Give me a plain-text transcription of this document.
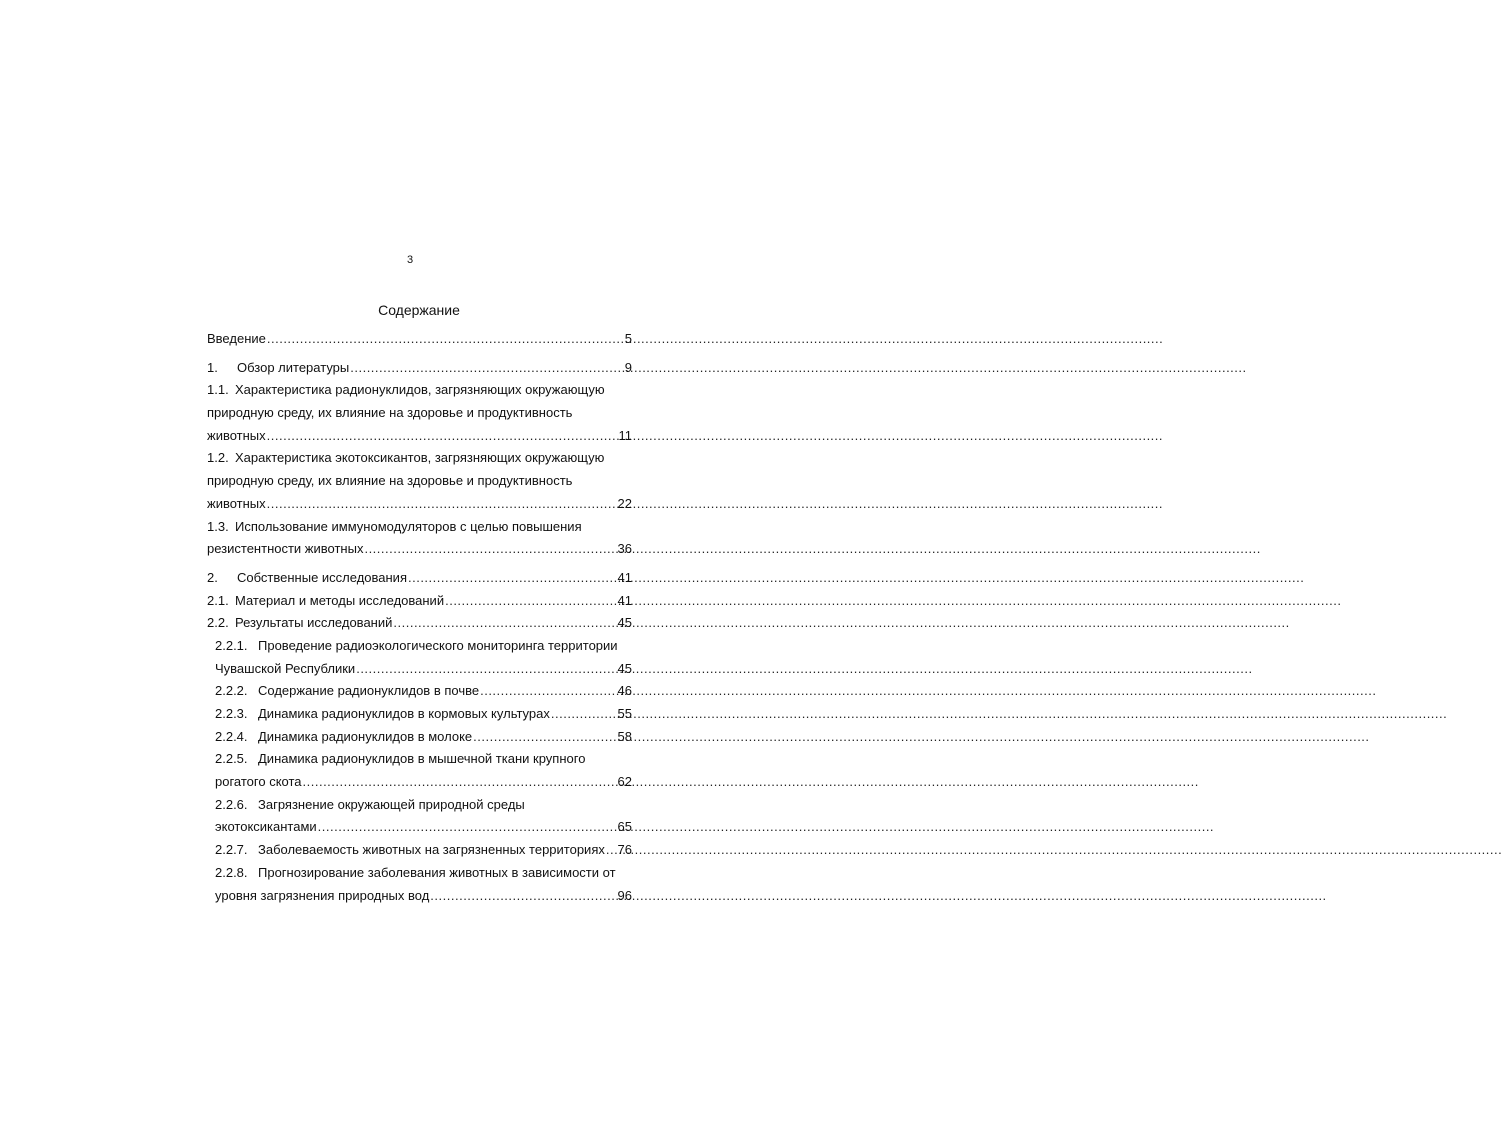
3
Содержание
Введение .....	5
1.	Обзор литературы .....	9
1.1. Характеристика радионуклидов, загрязняющих окружающую
природную среду, их влияние на здоровье и продуктивность
животных .....	11
1.2. Характеристика экотоксикантов, загрязняющих окружающую
природную среду, их влияние на здоровье и продуктивность
животных .....	22
1.3. Использование иммуномодуляторов с целью повышения
резистентности животных .....	36
2.	Собственные исследования .....	41
2.1. Материал и методы исследований .....	41
2.2. Результаты исследований .....	45
2.2.1. Проведение радиоэкологического мониторинга территории
Чувашской Республики .....	45
2.2.2. Содержание радионуклидов в почве .....	46
2.2.3. Динамика радионуклидов в кормовых культурах .....	55
2.2.4. Динамика радионуклидов в молоке .....	58
2.2.5. Динамика радионуклидов в мышечной ткани крупного
рогатого скота .....	62
2.2.6. Загрязнение окружающей природной среды
экотоксикантами .....	65
2.2.7. Заболеваемость животных на загрязненных территориях ..... 76
2.2.8. Прогнозирование заболевания животных в зависимости от
уровня загрязнения природных вод .....	96
